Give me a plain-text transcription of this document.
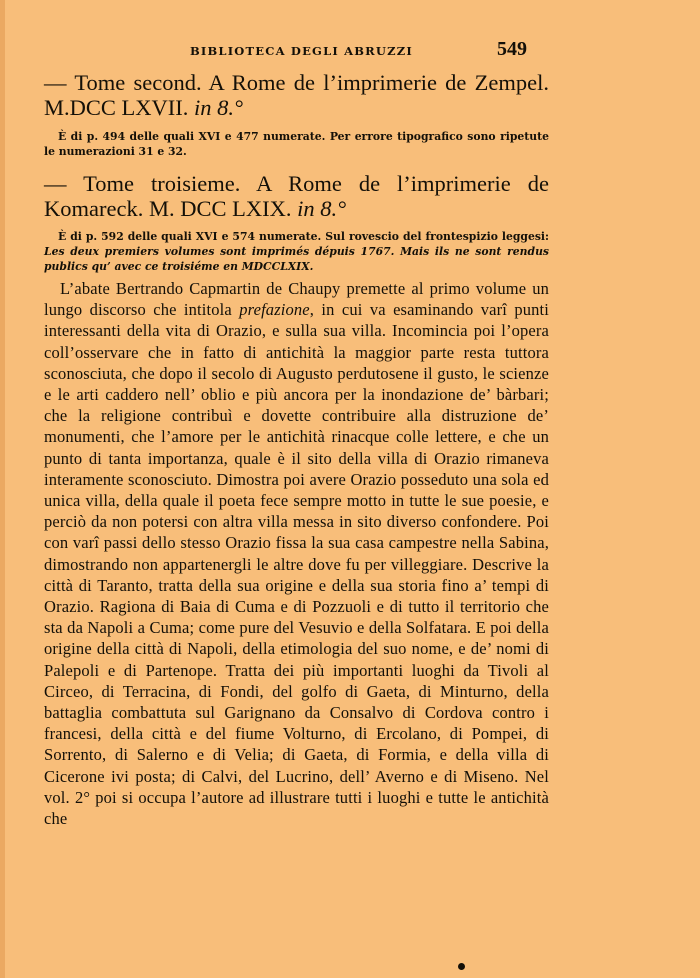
BIBLIOTECA DEGLI ABRUZZI	549
— Tome second. A Rome de l’imprimerie de Zempel. M.DCC LXVII. in 8.°
È di p. 494 delle quali XVI e 477 numerate. Per errore tipografico sono ripetute le numerazioni 31 e 32.
— Tome troisieme. A Rome de l’imprimerie de Komareck. M. DCC LXIX. in 8.°
È di p. 592 delle quali XVI e 574 numerate. Sul rovescio del frontespizio leggesi: Les deux premiers volumes sont imprimés dépuis 1767. Mais ils ne sont rendus publics qu’ avec ce troisiéme en MDCCLXIX.
L’abate Bertrando Capmartin de Chaupy premette al primo volume un lungo discorso che intitola prefazione, in cui va esaminando varî punti interessanti della vita di Orazio, e sulla sua villa. Incomincia poi l’opera coll’osservare che in fatto di antichità la maggior parte resta tuttora sconosciuta, che dopo il secolo di Augusto perdutosene il gusto, le scienze e le arti caddero nell’ oblio e più ancora per la inondazione de’ bàrbari; che la religione contribuì e dovette contribuire alla distruzione de’ monumenti, che l’amore per le antichità rinacque colle lettere, e che un punto di tanta importanza, quale è il sito della villa di Orazio rimaneva interamente sconosciuto. Dimostra poi avere Orazio posseduto una sola ed unica villa, della quale il poeta fece sempre motto in tutte le sue poesie, e perciò da non potersi con altra villa messa in sito diverso confondere. Poi con varî passi dello stesso Orazio fissa la sua casa campestre nella Sabina, dimostrando non appartenergli le altre dove fu per villeggiare. Descrive la città di Taranto, tratta della sua origine e della sua storia fino a’ tempi di Orazio. Ragiona di Baia di Cuma e di Pozzuoli e di tutto il territorio che sta da Napoli a Cuma; come pure del Vesuvio e della Solfatara. E poi della origine della città di Napoli, della etimologia del suo nome, e de’ nomi di Palepoli e di Partenope. Tratta dei più importanti luoghi da Tivoli al Circeo, di Terracina, di Fondi, del golfo di Gaeta, di Minturno, della battaglia combattuta sul Garignano da Consalvo di Cordova contro i francesi, della città e del fiume Volturno, di Ercolano, di Pompei, di Sorrento, di Salerno e di Velia; di Gaeta, di Formia, e della villa di Cicerone ivi posta; di Calvi, del Lucrino, dell’ Averno e di Miseno. Nel vol. 2° poi si occupa l’autore ad illustrare tutti i luoghi e tutte le antichità che
